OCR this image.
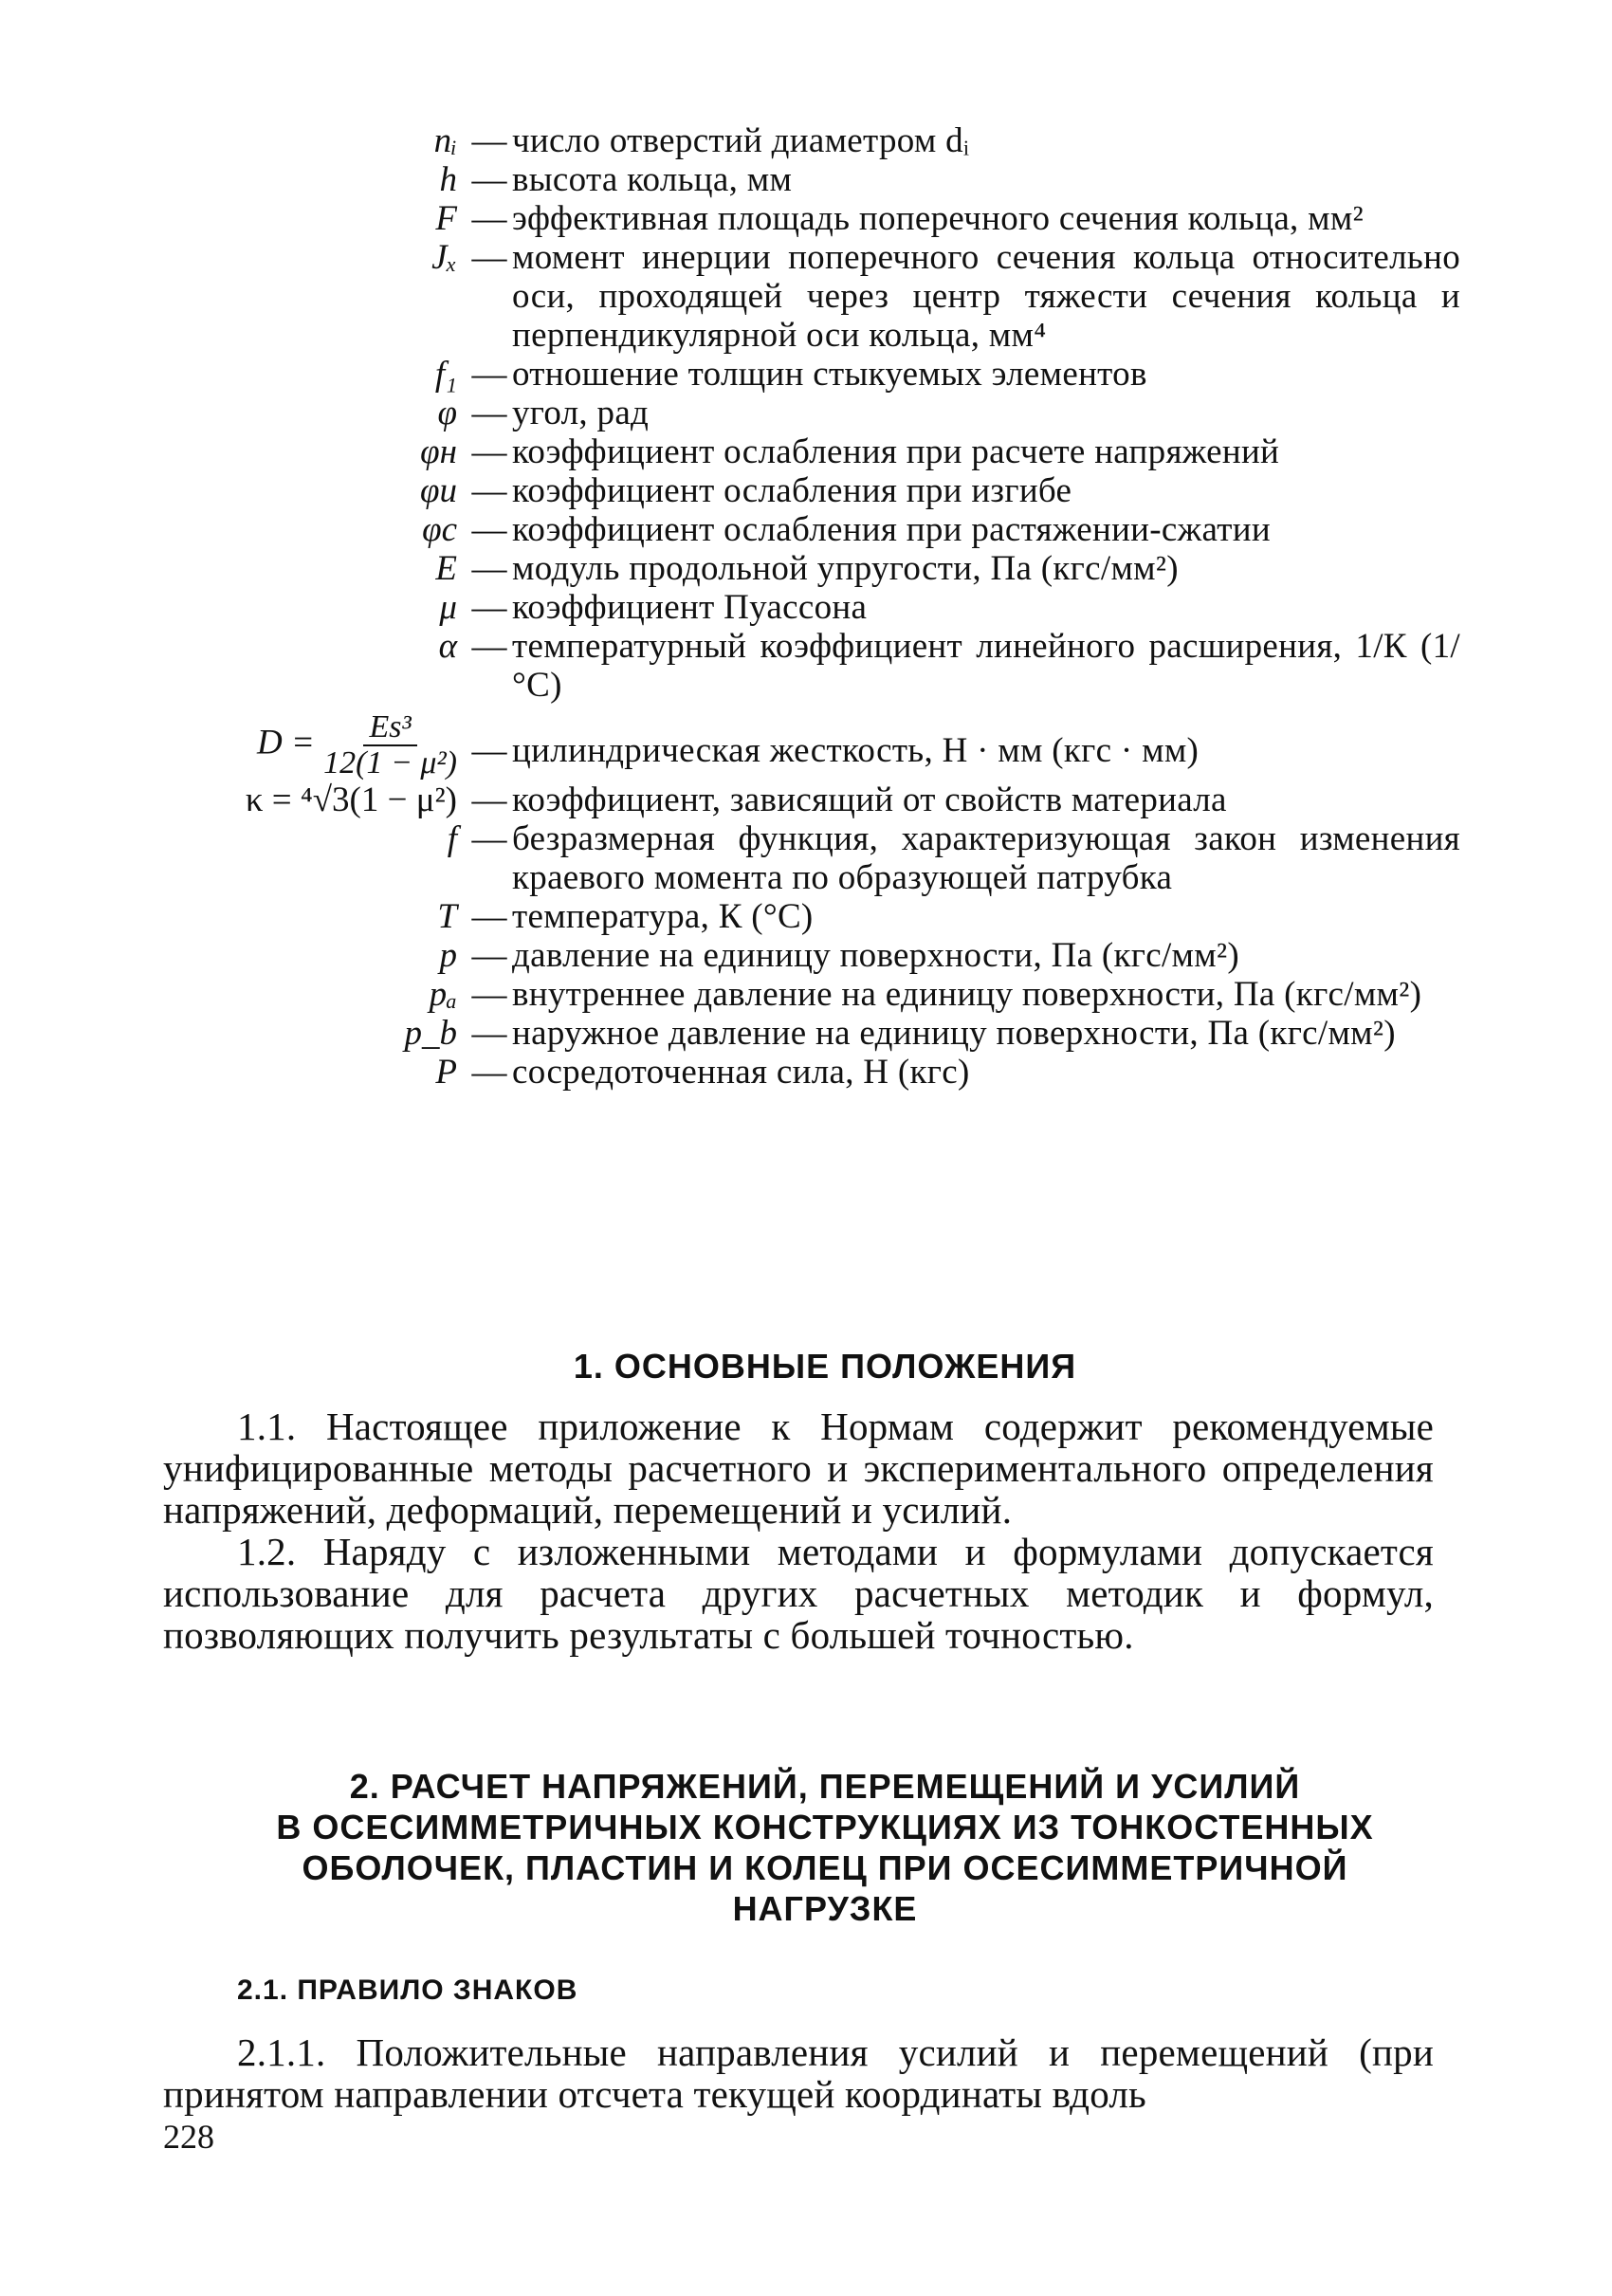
nᵢ — число отверстий диаметром dᵢ
h — высота кольца, мм
F — эффективная площадь поперечного сечения кольца, мм²
Jₓ — момент инерции поперечного сечения кольца относительно оси, проходящей через центр тяжести сечения кольца и перпендикулярной оси кольца, мм⁴
f₁ — отношение толщин стыкуемых элементов
φ — угол, рад
φн — коэффициент ослабления при расчете напряжений
φи — коэффициент ослабления при изгибе
φc — коэффициент ослабления при растяжении-сжатии
E — модуль продольной упругости, Па (кгс/мм²)
μ — коэффициент Пуассона
α — температурный коэффициент линейного расширения, 1/К (1/°С)
$D = \frac{\text{Es³}}{\text{12(1 − μ²)}}$ — цилиндрическая жесткость, Н · мм (кгс · мм)
κ = ⁴√3(1 − μ²) — коэффициент, зависящий от свойств материала
f — безразмерная функция, характеризующая закон изменения краевого момента по образующей патрубка
T — температура, К (°С)
p — давление на единицу поверхности, Па (кгс/мм²)
pₐ — внутреннее давление на единицу поверхности, Па (кгс/мм²)
p_b — наружное давление на единицу поверхности, Па (кгс/мм²)
P — сосредоточенная сила, Н (кгс)
1. ОСНОВНЫЕ ПОЛОЖЕНИЯ
1.1. Настоящее приложение к Нормам содержит рекомендуемые унифицированные методы расчетного и экспериментального определения напряжений, деформаций, перемещений и усилий.
1.2. Наряду с изложенными методами и формулами допускается использование для расчета других расчетных методик и формул, позволяющих получить результаты с большей точностью.
2. РАСЧЕТ НАПРЯЖЕНИЙ, ПЕРЕМЕЩЕНИЙ И УСИЛИЙ
В ОСЕСИММЕТРИЧНЫХ КОНСТРУКЦИЯХ ИЗ ТОНКОСТЕННЫХ
ОБОЛОЧЕК, ПЛАСТИН И КОЛЕЦ ПРИ ОСЕСИММЕТРИЧНОЙ
НАГРУЗКЕ
2.1. ПРАВИЛО ЗНАКОВ
2.1.1. Положительные направления усилий и перемещений (при принятом направлении отсчета текущей координаты вдоль
228
